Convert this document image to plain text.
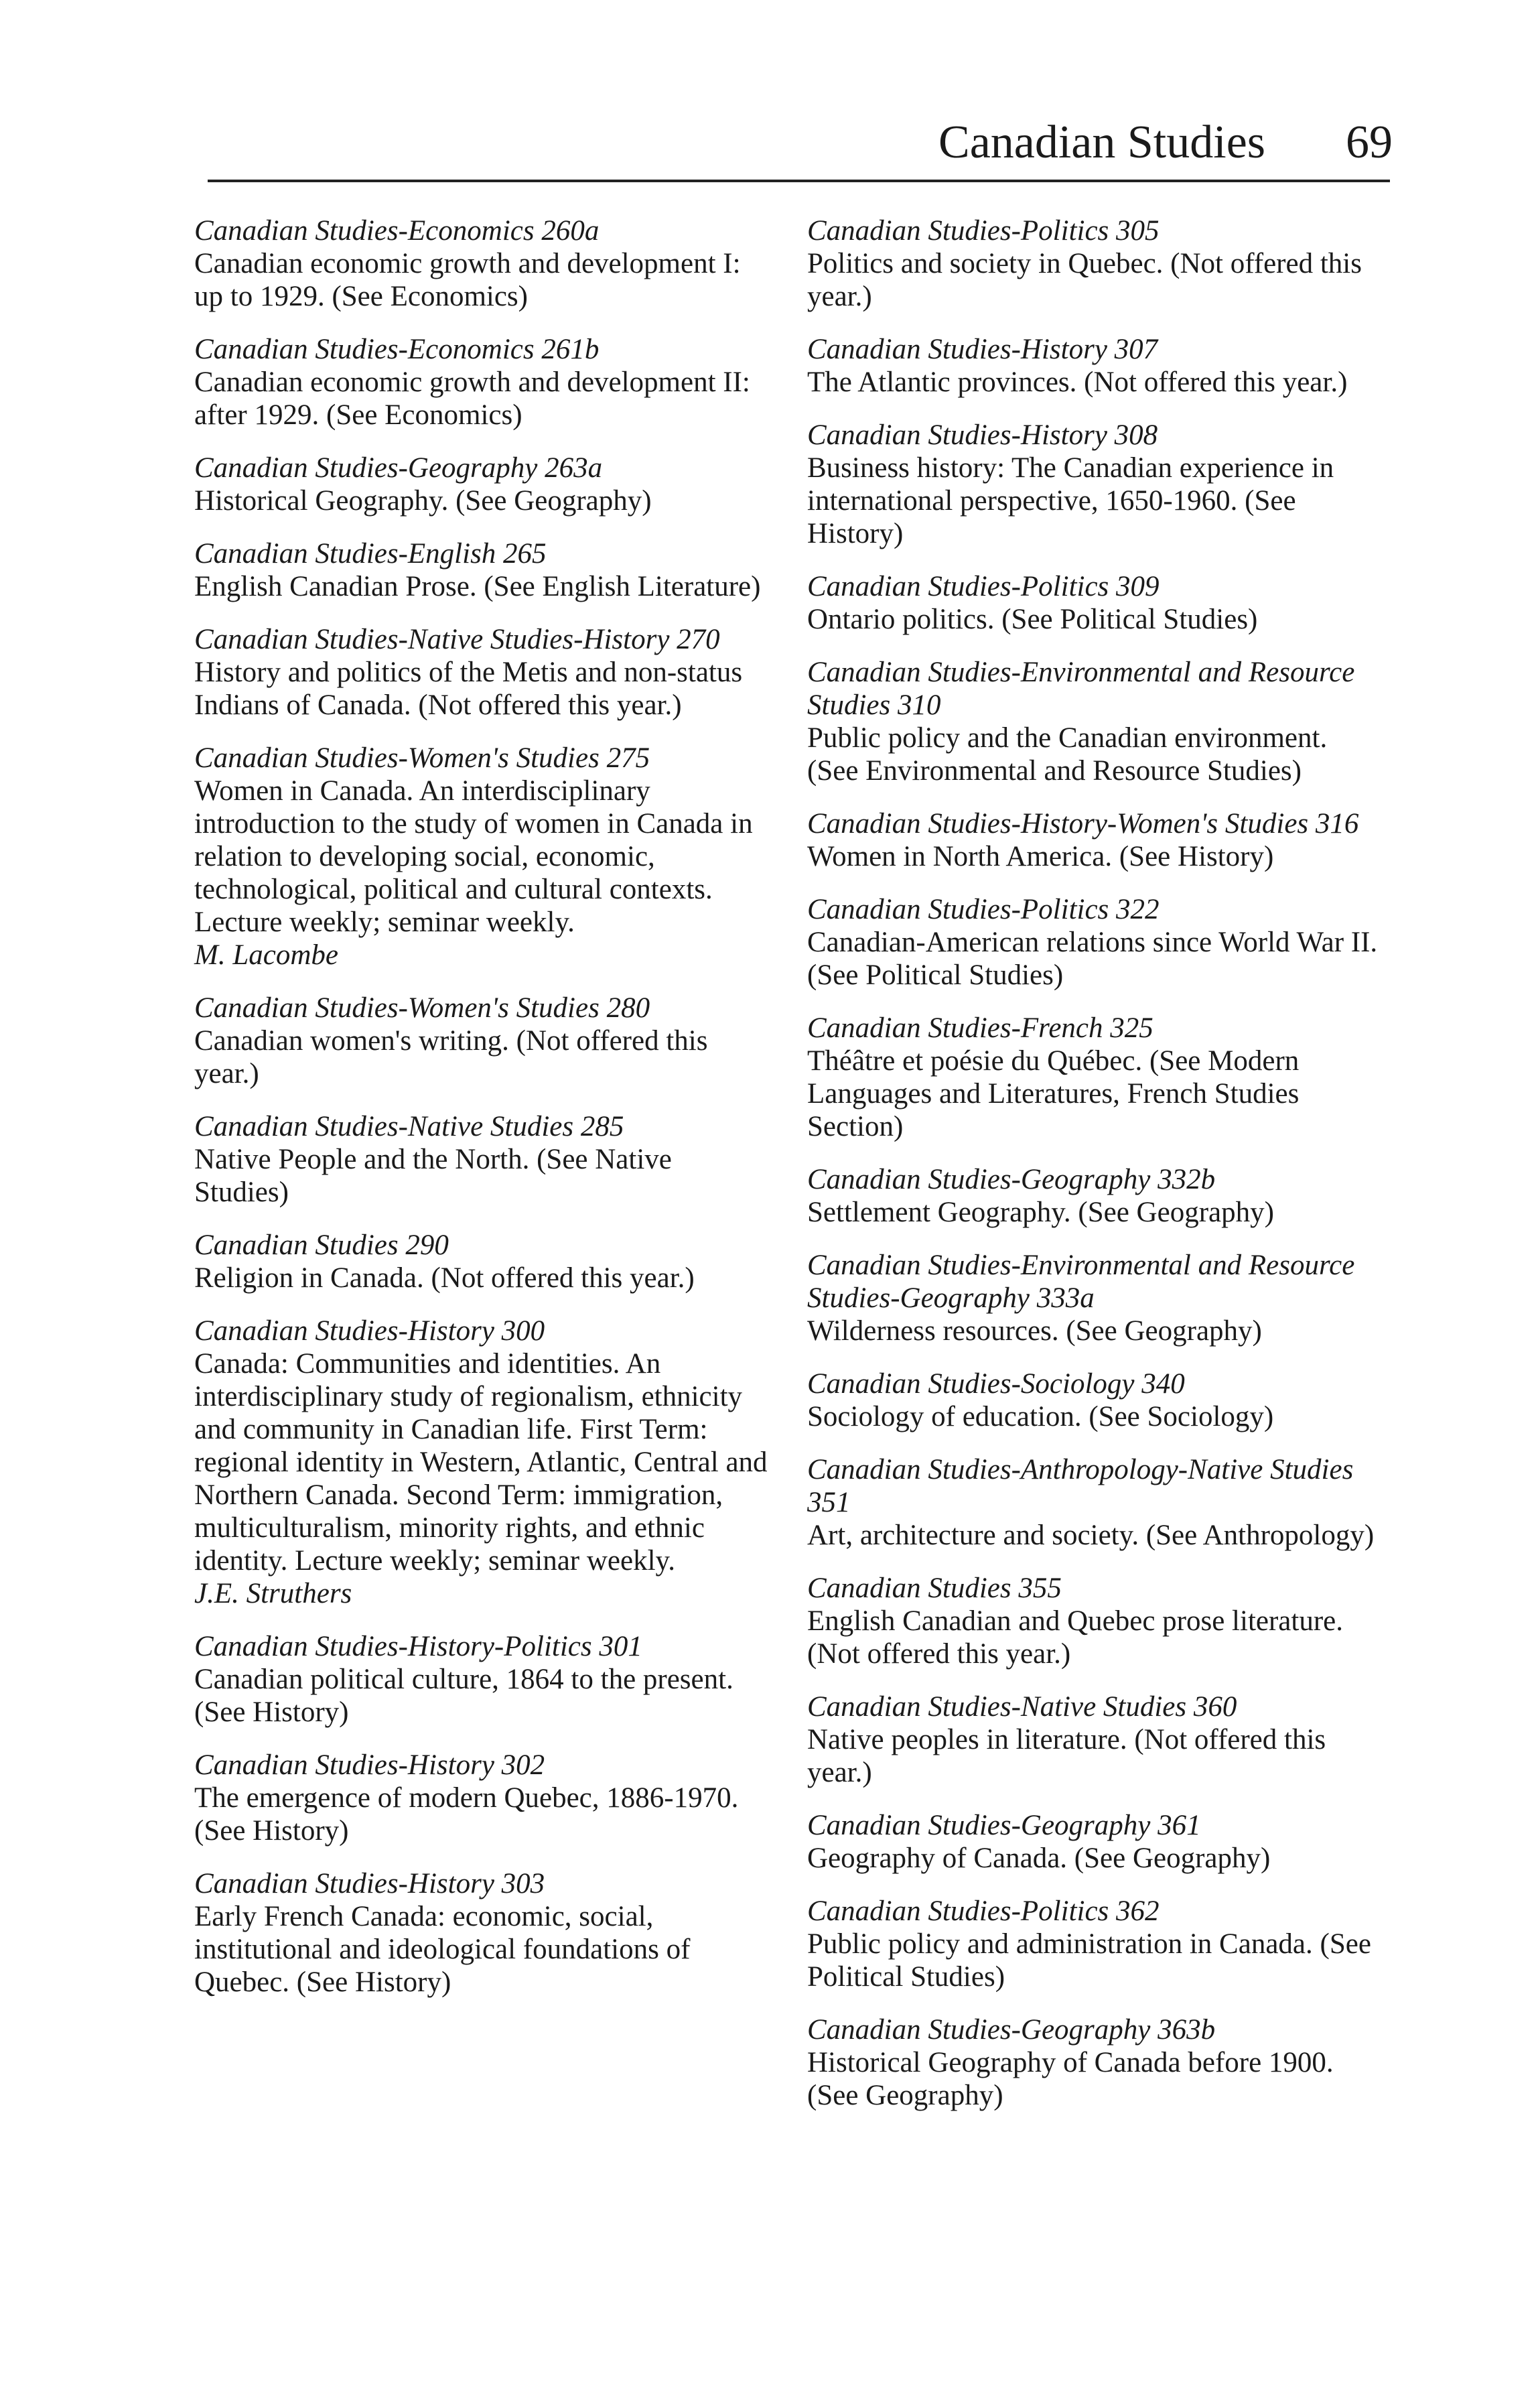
Canadian Studies 69
Canadian Studies-Economics 260a
Canadian economic growth and development I: up to 1929. (See Economics)
Canadian Studies-Economics 261b
Canadian economic growth and development II: after 1929. (See Economics)
Canadian Studies-Geography 263a
Historical Geography. (See Geography)
Canadian Studies-English 265
English Canadian Prose. (See English Literature)
Canadian Studies-Native Studies-History 270
History and politics of the Metis and non-status Indians of Canada. (Not offered this year.)
Canadian Studies-Women's Studies 275
Women in Canada. An interdisciplinary introduction to the study of women in Canada in relation to developing social, economic, technological, political and cultural contexts. Lecture weekly; seminar weekly.
M. Lacombe
Canadian Studies-Women's Studies 280
Canadian women's writing. (Not offered this year.)
Canadian Studies-Native Studies 285
Native People and the North. (See Native Studies)
Canadian Studies 290
Religion in Canada. (Not offered this year.)
Canadian Studies-History 300
Canada: Communities and identities. An interdisciplinary study of regionalism, ethnicity and community in Canadian life. First Term: regional identity in Western, Atlantic, Central and Northern Canada. Second Term: immigration, multiculturalism, minority rights, and ethnic identity. Lecture weekly; seminar weekly.
J.E. Struthers
Canadian Studies-History-Politics 301
Canadian political culture, 1864 to the present. (See History)
Canadian Studies-History 302
The emergence of modern Quebec, 1886-1970. (See History)
Canadian Studies-History 303
Early French Canada: economic, social, institutional and ideological foundations of Quebec. (See History)
Canadian Studies-Politics 305
Politics and society in Quebec. (Not offered this year.)
Canadian Studies-History 307
The Atlantic provinces. (Not offered this year.)
Canadian Studies-History 308
Business history: The Canadian experience in international perspective, 1650-1960. (See History)
Canadian Studies-Politics 309
Ontario politics. (See Political Studies)
Canadian Studies-Environmental and Resource Studies 310
Public policy and the Canadian environment. (See Environmental and Resource Studies)
Canadian Studies-History-Women's Studies 316
Women in North America. (See History)
Canadian Studies-Politics 322
Canadian-American relations since World War II. (See Political Studies)
Canadian Studies-French 325
Théâtre et poésie du Québec. (See Modern Languages and Literatures, French Studies Section)
Canadian Studies-Geography 332b
Settlement Geography. (See Geography)
Canadian Studies-Environmental and Resource Studies-Geography 333a
Wilderness resources. (See Geography)
Canadian Studies-Sociology 340
Sociology of education. (See Sociology)
Canadian Studies-Anthropology-Native Studies 351
Art, architecture and society. (See Anthropology)
Canadian Studies 355
English Canadian and Quebec prose literature. (Not offered this year.)
Canadian Studies-Native Studies 360
Native peoples in literature. (Not offered this year.)
Canadian Studies-Geography 361
Geography of Canada. (See Geography)
Canadian Studies-Politics 362
Public policy and administration in Canada. (See Political Studies)
Canadian Studies-Geography 363b
Historical Geography of Canada before 1900. (See Geography)
